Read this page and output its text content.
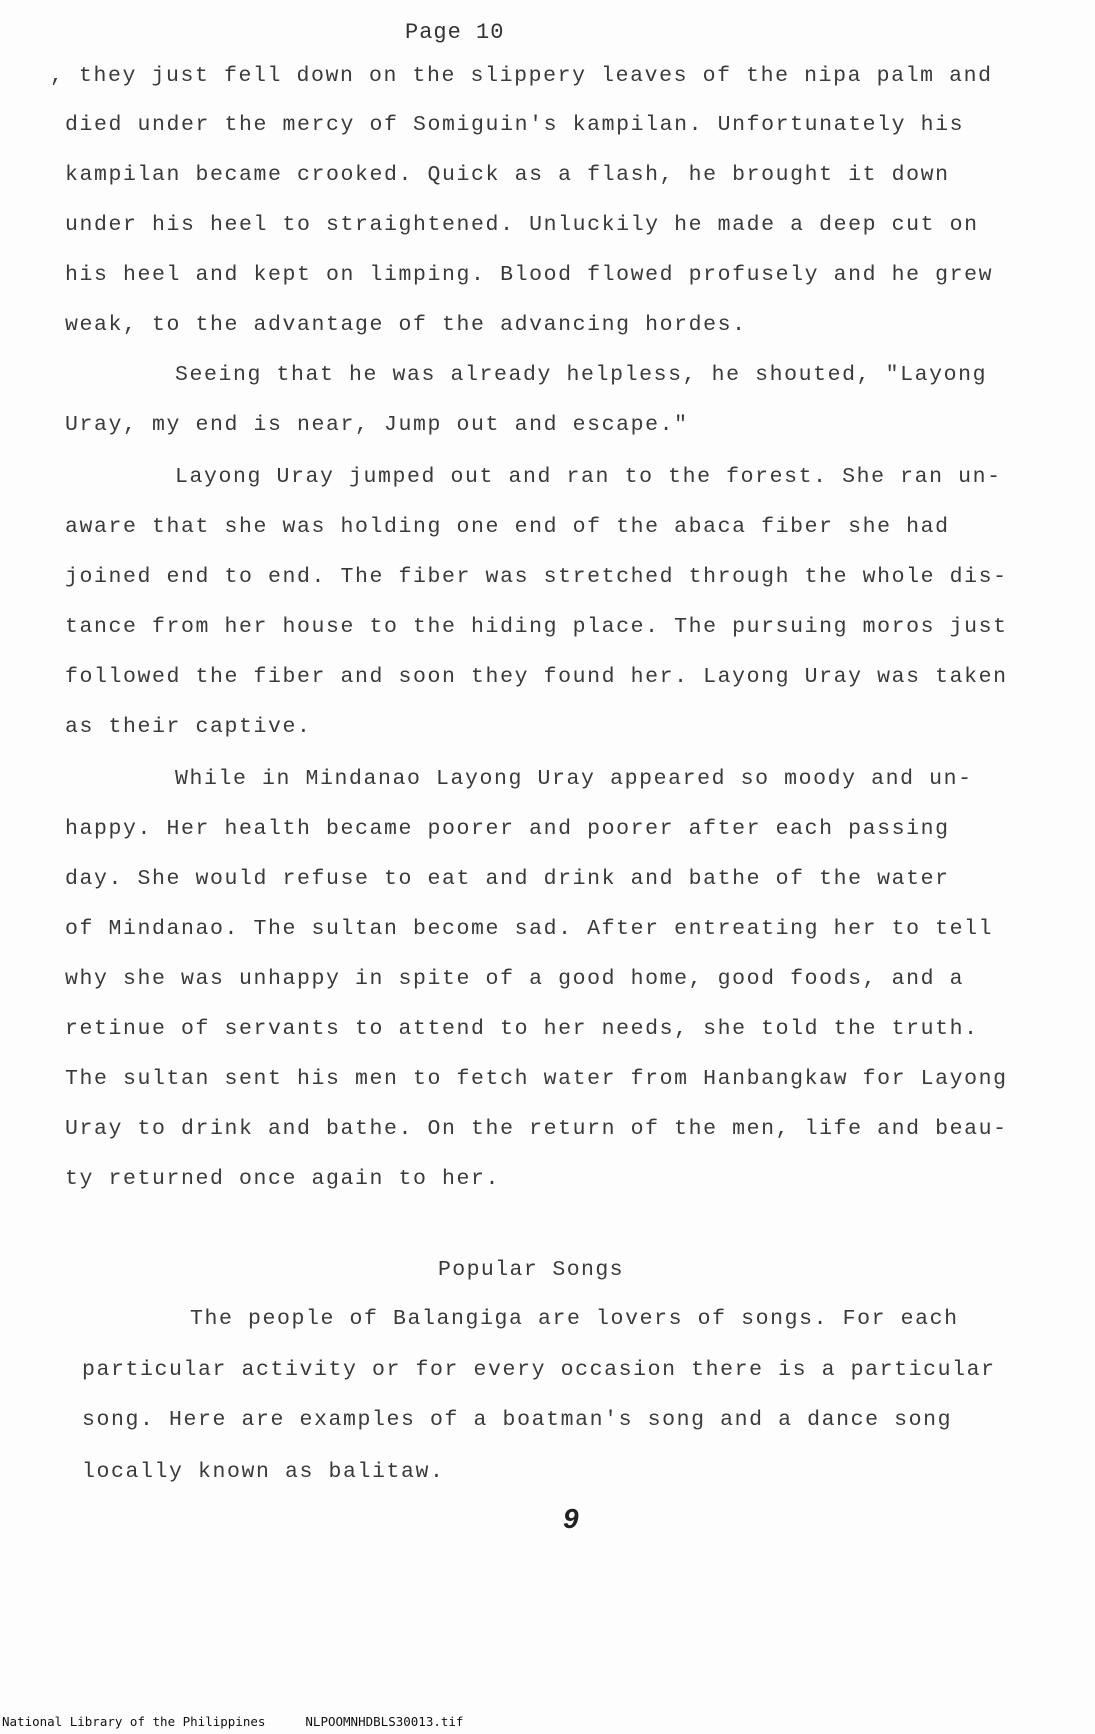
Page 10
, they just fell down on the slippery leaves of the nipa palm and
died under the mercy of Somiguin's kampilan. Unfortunately his
kampilan became crooked. Quick as a flash, he brought it down
under his heel to straightened. Unluckily he made a deep cut on
his heel and kept on limping. Blood flowed profusely and he grew
weak, to the advantage of the advancing hordes.
Seeing that he was already helpless, he shouted, "Layong
Uray, my end is near, Jump out and escape."
Layong Uray jumped out and ran to the forest. She ran un-
aware that she was holding one end of the abaca fiber she had
joined end to end. The fiber was stretched through the whole dis-
tance from her house to the hiding place. The pursuing moros just
followed the fiber and soon they found her. Layong Uray was taken
as their captive.
While in Mindanao Layong Uray appeared so moody and un-
happy. Her health became poorer and poorer after each passing
day. She would refuse to eat and drink and bathe of the water
of Mindanao. The sultan become sad. After entreating her to tell
why she was unhappy in spite of a good home, good foods, and a
retinue of servants to attend to her needs, she told the truth.
The sultan sent his men to fetch water from Hanbangkaw for Layong
Uray to drink and bathe. On the return of the men, life and beau-
ty returned once again to her.
Popular Songs
The people of Balangiga are lovers of songs. For each
particular activity or for every occasion there is a particular
song. Here are examples of a boatman's song and a dance song
locally known as balitaw.
9
National Library of the Philippines	NLPOOMNHDBLS30013.tif
